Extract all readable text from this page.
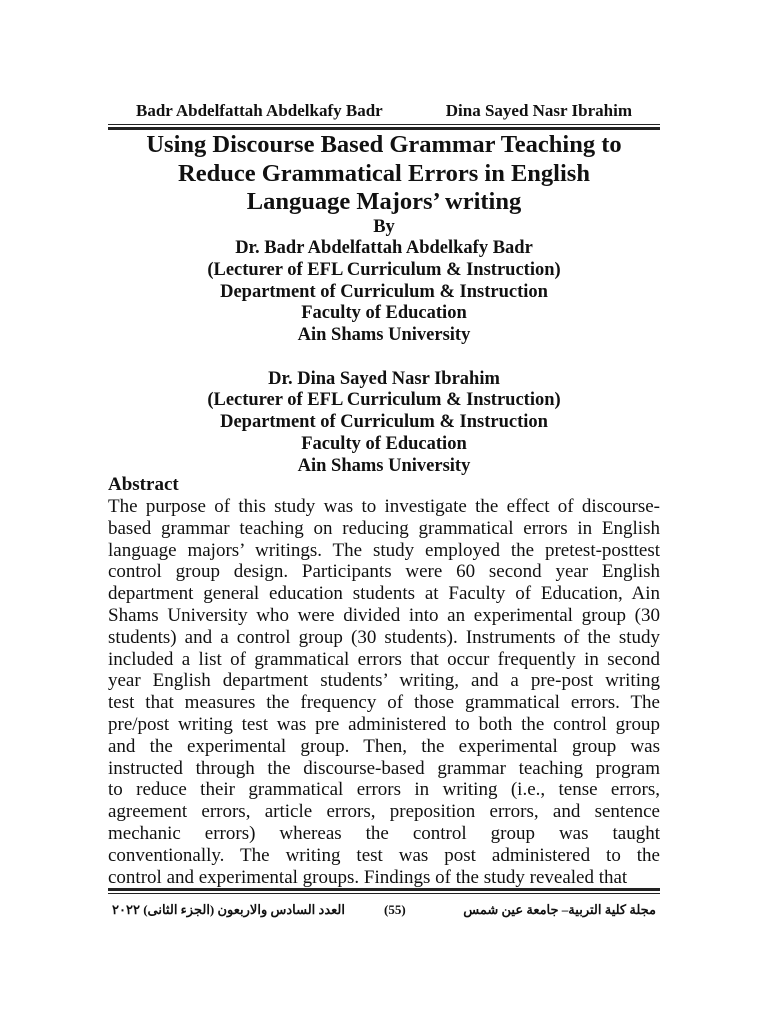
Badr Abdelfattah Abdelkafy Badr	Dina Sayed Nasr Ibrahim

Using Discourse Based Grammar Teaching to

Reduce Grammatical Errors in English

Language Majors’ writing

By

Dr. Badr Abdelfattah Abdelkafy Badr

(Lecturer of EFL Curriculum & Instruction)

Department of Curriculum & Instruction

Faculty of Education

Ain Shams University

Dr. Dina Sayed Nasr Ibrahim

(Lecturer of EFL Curriculum & Instruction)

Department of Curriculum & Instruction

Faculty of Education

Ain Shams University

Abstract

The purpose of this study was to investigate the effect of discourse-
based grammar teaching on reducing grammatical errors in English
language majors’ writings. The study employed the pretest-posttest
control group design. Participants were 60 second year English
department general education students at Faculty of Education, Ain
Shams University who were divided into an experimental group (30
students) and a control group (30 students). Instruments of the study
included a list of grammatical errors that occur frequently in second
year English department students’ writing, and a pre-post writing
test that measures the frequency of those grammatical errors. The
pre/post writing test was pre administered to both the control group
and the experimental group. Then, the experimental group was
instructed through the discourse-based grammar teaching program
to reduce their grammatical errors in writing (i.e., tense errors,
agreement errors, article errors, preposition errors, and sentence
mechanic errors) whereas the control group was taught
conventionally. The writing test was post administered to the
control and experimental groups. Findings of the study revealed that
العدد السادس والاربعون (الجزء الثانى) ٢٠٢٢	(55)	مجلة كلية التربية– جامعة عين شمس
